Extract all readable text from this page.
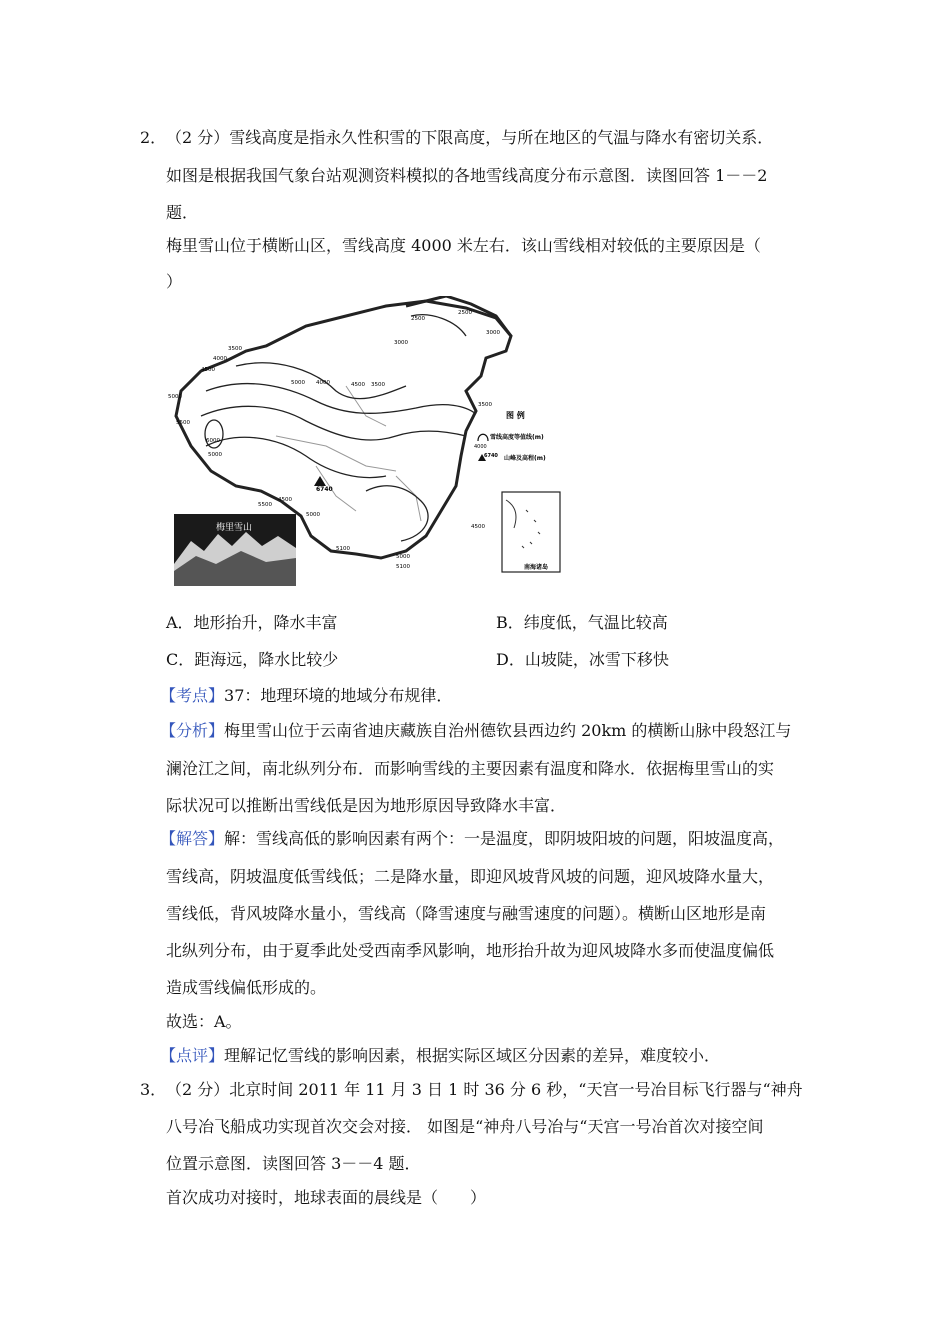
2． （2 分）雪线高度是指永久性积雪的下限高度，与所在地区的气温与降水有密切关系．
如图是根据我国气象台站观测资料模拟的各地雪线高度分布示意图．读图回答 1－－2
题．
梅里雪山位于横断山区，雪线高度 4000 米左右．该山雪线相对较低的主要原因是（
）
6740
2500
2500
3000
3000
3500
3500
3500
4000
4000
4500
4500
5000
5000
5500
6000
5000
5500
4500
5000
5100
5000
5100
4500
图 例
4000
雪线高度等值线(m)
6740 山峰及高程(m)
南海诸岛
梅里雪山
A．地形抬升，降水丰富	B．纬度低，气温比较高
C．距海远，降水比较少	D．山坡陡，冰雪下移快
【考点】37：地理环境的地域分布规律．
【分析】梅里雪山位于云南省迪庆藏族自治州德钦县西边约 20km 的横断山脉中段怒江与
澜沧江之间，南北纵列分布．而影响雪线的主要因素有温度和降水．依据梅里雪山的实
际状况可以推断出雪线低是因为地形原因导致降水丰富．
【解答】解：雪线高低的影响因素有两个：一是温度，即阴坡阳坡的问题，阳坡温度高，
雪线高，阴坡温度低雪线低；二是降水量，即迎风坡背风坡的问题，迎风坡降水量大，
雪线低，背风坡降水量小，雪线高（降雪速度与融雪速度的问题）。横断山区地形是南
北纵列分布，由于夏季此处受西南季风影响，地形抬升故为迎风坡降水多而使温度偏低
造成雪线偏低形成的。
故选：A。
【点评】理解记忆雪线的影响因素，根据实际区域区分因素的差异，难度较小．
3． （2 分）北京时间 2011 年 11 月 3 日 1 时 36 分 6 秒，“天宫一号冶目标飞行器与“神舟
八号冶飞船成功实现首次交会对接． 如图是“神舟八号冶与“天宫一号冶首次对接空间
位置示意图．读图回答 3－－4 题．
首次成功对接时，地球表面的晨线是（　　）
